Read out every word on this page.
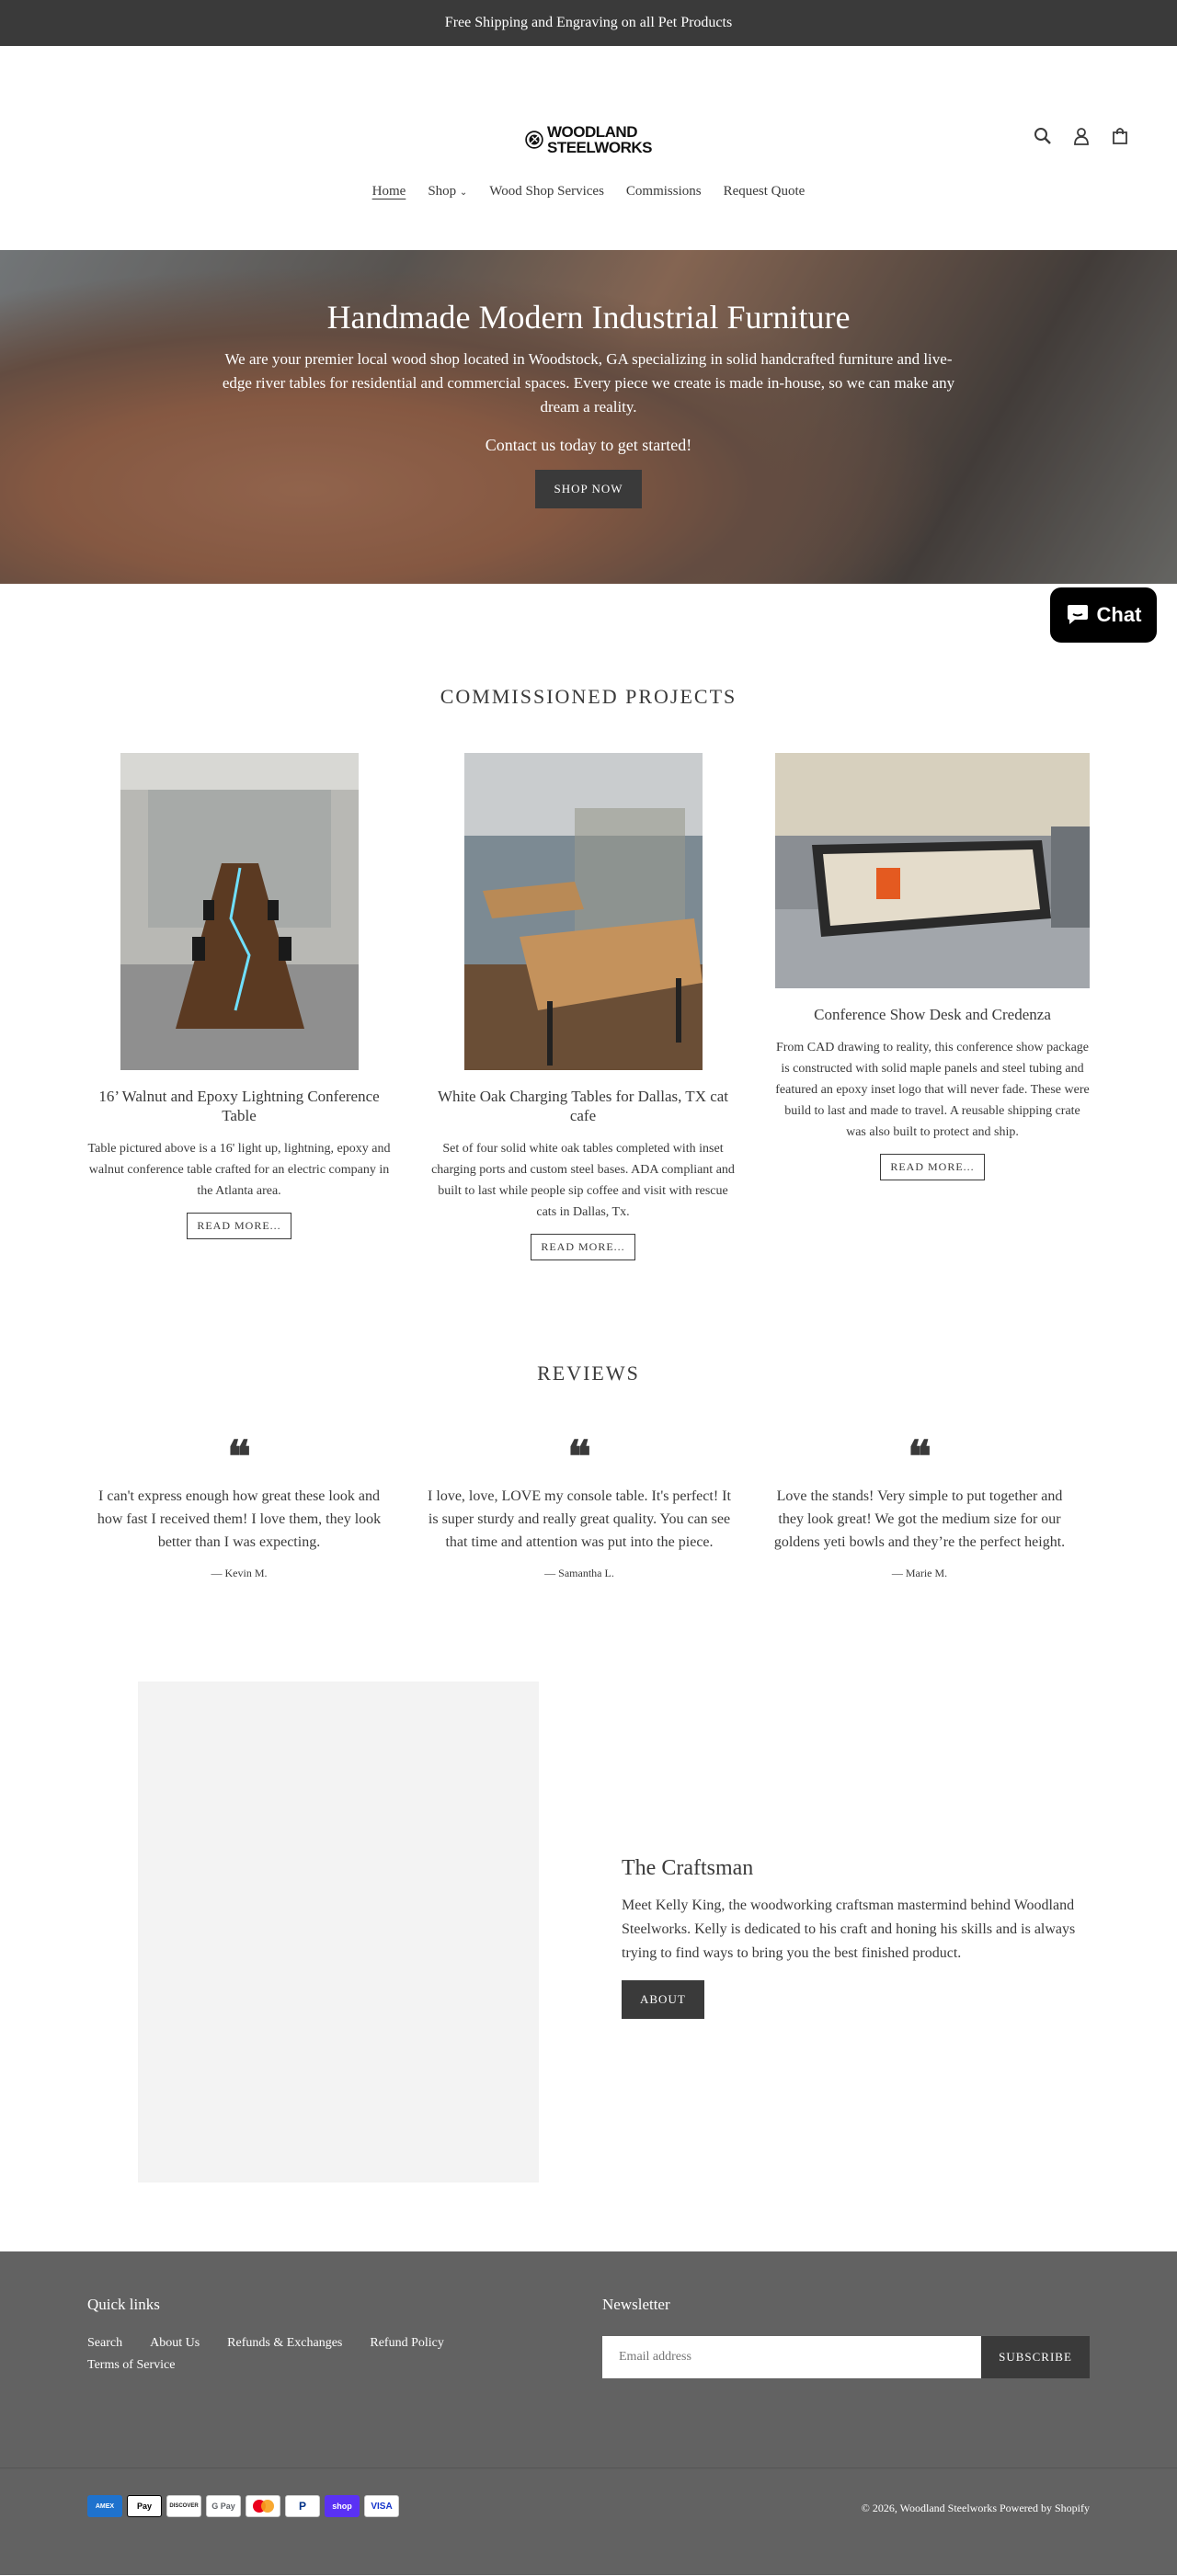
Free Shipping and Engraving on all Pet Products
WOODLAND
STEELWORKS
Home Shop ⌄ Wood Shop Services Commissions Request Quote
Handmade Modern Industrial Furniture

We are your premier local wood shop located in Woodstock, GA specializing in solid handcrafted furniture and live-edge river tables for residential and commercial spaces. Every piece we create is made in-house, so we can make any dream a reality.

Contact us today to get started!

SHOP NOW
Chat
COMMISSIONED PROJECTS
16’ Walnut and Epoxy Lightning Conference Table

Table pictured above is a 16' light up, lightning, epoxy and walnut conference table crafted for an electric company in the Atlanta area.

READ MORE...
White Oak Charging Tables for Dallas, TX cat cafe

Set of four solid white oak tables completed with inset charging ports and custom steel bases. ADA compliant and built to last while people sip coffee and visit with rescue cats in Dallas, Tx.

READ MORE...
Conference Show Desk and Credenza

From CAD drawing to reality, this conference show package is constructed with solid maple panels and steel tubing and featured an epoxy inset logo that will never fade. These were build to last and made to travel. A reusable shipping crate was also built to protect and ship.

READ MORE...
REVIEWS
❝

I can't express enough how great these look and how fast I received them! I love them, they look better than I was expecting.

— Kevin M.
❝

I love, love, LOVE my console table. It's perfect! It is super sturdy and really great quality. You can see that time and attention was put into the piece.

— Samantha L.
❝

Love the stands! Very simple to put together and they look great! We got the medium size for our goldens yeti bowls and they’re the perfect height.

— Marie M.
The Craftsman

Meet Kelly King, the woodworking craftsman mastermind behind Woodland Steelworks. Kelly is dedicated to his craft and honing his skills and is always trying to find ways to bring you the best finished product.

ABOUT
Quick links
Search About Us Refunds & Exchanges Refund Policy
Terms of Service
Newsletter
Email address
SUBSCRIBE
AMEX	Pay	DISCOVER	G Pay	P	shop	VISA	© 2026, Woodland Steelworks Powered by Shopify
